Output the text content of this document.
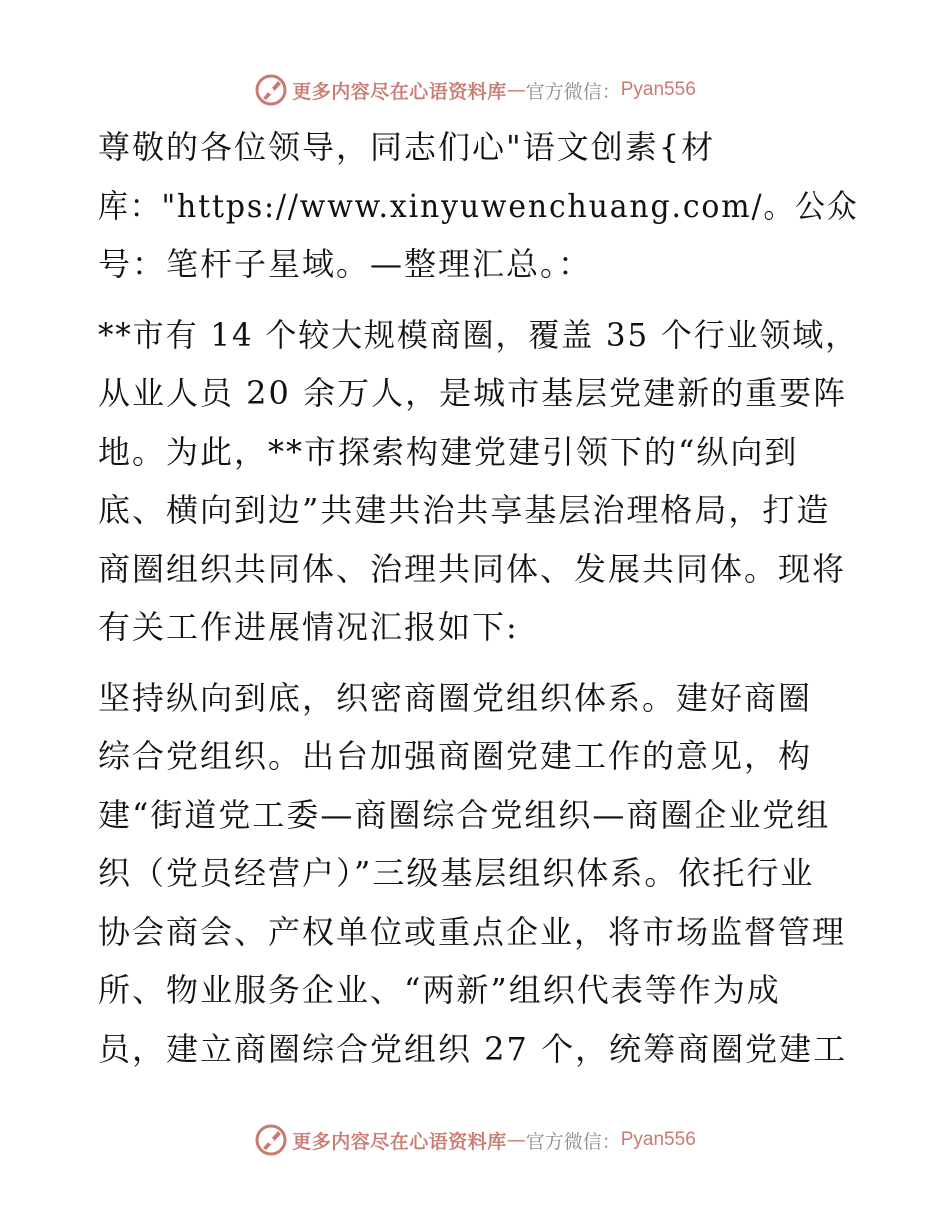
更多内容尽在心语资料库 — 官方微信： Pyan556

尊敬的各位领导，同志们心"语文创素{材
库："https://www.xinyuwenchuang.com/。公众
号：笔杆子星域。—整理汇总。：

**市有 14 个较大规模商圈，覆盖 35 个行业领域，
从业人员 20 余万人，是城市基层党建新的重要阵
地。为此，**市探索构建党建引领下的“纵向到
底、横向到边”共建共治共享基层治理格局，打造
商圈组织共同体、治理共同体、发展共同体。现将
有关工作进展情况汇报如下:

坚持纵向到底，织密商圈党组织体系。建好商圈
综合党组织。出台加强商圈党建工作的意见，构
建“街道党工委—商圈综合党组织—商圈企业党组
织（党员经营户）”三级基层组织体系。依托行业
协会商会、产权单位或重点企业，将市场监督管理
所、物业服务企业、“两新”组织代表等作为成
员，建立商圈综合党组织 27 个，统筹商圈党建工

更多内容尽在心语资料库 — 官方微信： Pyan556
